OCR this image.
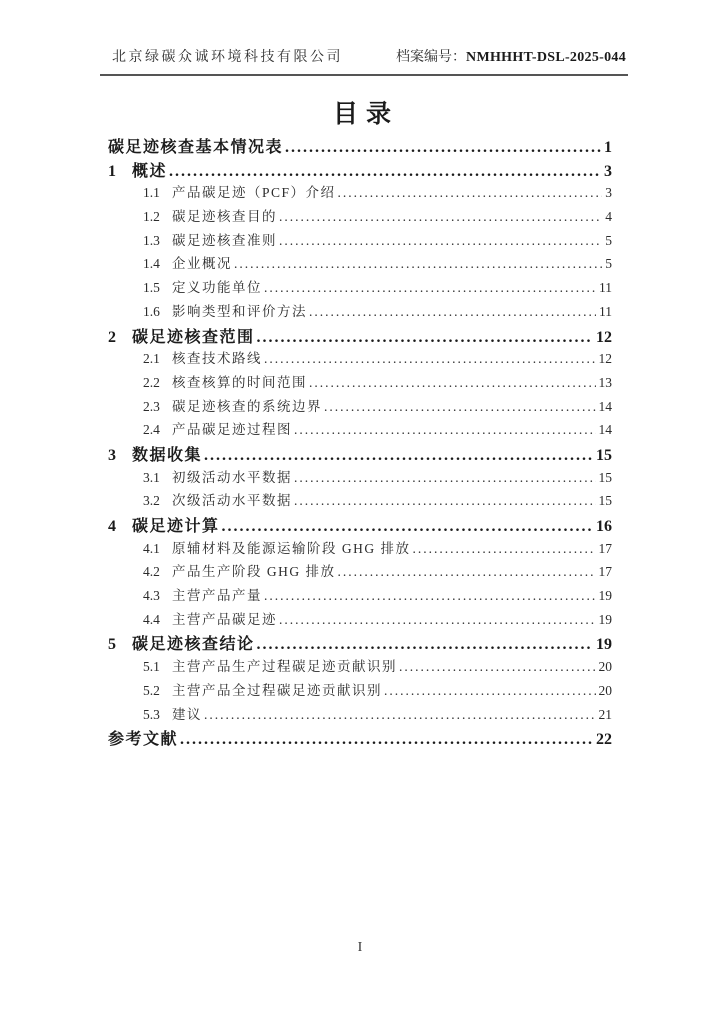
北京绿碳众诚环境科技有限公司	档案编号：NMHHHT-DSL-2025-044
目录
碳足迹核查基本情况表 .....	1
1	概述 .....	3
1.1 产品碳足迹（PCF）介绍 .....	3
1.2 碳足迹核查目的 .....	4
1.3 碳足迹核查准则 .....	5
1.4 企业概况 .....	5
1.5 定义功能单位 .....	11
1.6 影响类型和评价方法 .....	11
2	碳足迹核查范围 .....	12
2.1 核查技术路线 .....	12
2.2 核查核算的时间范围 .....	13
2.3 碳足迹核查的系统边界 .....	14
2.4 产品碳足迹过程图 .....	14
3	数据收集 .....	15
3.1 初级活动水平数据 .....	15
3.2 次级活动水平数据 .....	15
4	碳足迹计算 .....	16
4.1 原辅材料及能源运输阶段 GHG 排放 .....	17
4.2 产品生产阶段 GHG 排放 .....	17
4.3 主营产品产量 .....	19
4.4 主营产品碳足迹 .....	19
5	碳足迹核查结论 .....	19
5.1 主营产品生产过程碳足迹贡献识别 .....	20
5.2 主营产品全过程碳足迹贡献识别 .....	20
5.3 建议 .....	21
参考文献 .....	22
I
